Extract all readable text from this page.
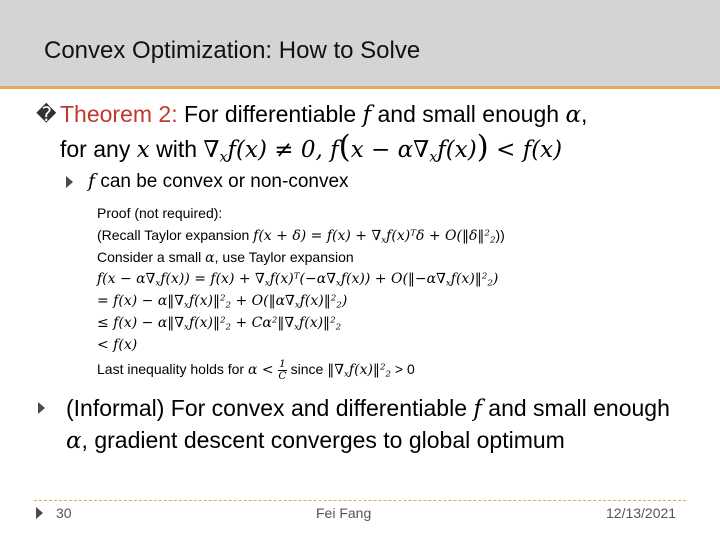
Convex Optimization: How to Solve
� Theorem 2: For differentiable f and small enough α,
for any x with $\nabla_xf(x) \ne 0$, $f(x - \alpha\nabla_xf(x)) < f(x)$
f can be convex or non-convex
Proof (not required):
(Recall Taylor expansion $f(x + \delta) = f(x) + \nabla_xf(x)^T\delta$ + O(‖δ‖$^2_2$))
Consider a small α, use Taylor expansion
$f(x - \alpha\nabla_xf(x)) = f(x) + \nabla_xf(x)^T(-\alpha\nabla_xf(x))$ + $O(‖-\alpha\nabla_xf(x)‖^2_2)$
= $f(x) - \alpha‖\nabla_xf(x)‖^2_2$ + $O(‖\alpha\nabla_xf(x)‖^2_2)$
≤ $f(x) - \alpha‖\nabla_xf(x)‖^2_2$ + $C\alpha^2‖\nabla_xf(x)‖^2_2$
< f(x)
Last inequality holds for $\alpha < \frac{1}{C}$ since $‖\nabla_xf(x)‖^2_2 > 0$
(Informal) For convex and differentiable f and small enough α, gradient descent converges to global optimum
30	Fei Fang	12/13/2021
